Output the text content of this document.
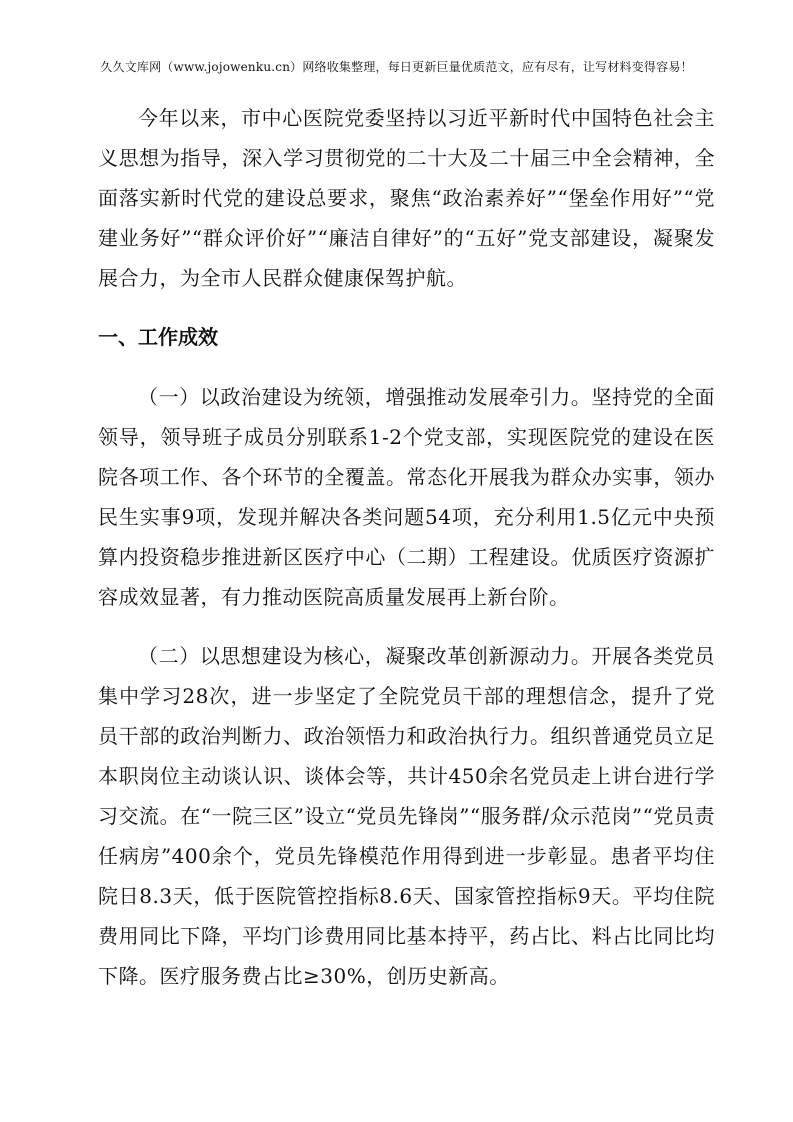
久久文库网（www.jojowenku.cn）网络收集整理，每日更新巨量优质范文，应有尽有，让写材料变得容易！

今年以来，市中心医院党委坚持以习近平新时代中国特色社会主义思想为指导，深入学习贯彻党的二十大及二十届三中全会精神，全面落实新时代党的建设总要求，聚焦“政治素养好”“堡垒作用好”“党建业务好”“群众评价好”“廉洁自律好”的“五好”党支部建设，凝聚发展合力，为全市人民群众健康保驾护航。

一、工作成效

（一）以政治建设为统领，增强推动发展牵引力。坚持党的全面领导，领导班子成员分别联系1-2个党支部，实现医院党的建设在医院各项工作、各个环节的全覆盖。常态化开展我为群众办实事，领办民生实事9项，发现并解决各类问题54项，充分利用1.5亿元中央预算内投资稳步推进新区医疗中心（二期）工程建设。优质医疗资源扩容成效显著，有力推动医院高质量发展再上新台阶。

（二）以思想建设为核心，凝聚改革创新源动力。开展各类党员集中学习28次，进一步坚定了全院党员干部的理想信念，提升了党员干部的政治判断力、政治领悟力和政治执行力。组织普通党员立足本职岗位主动谈认识、谈体会等，共计450余名党员走上讲台进行学习交流。在“一院三区”设立“党员先锋岗”“服务群/众示范岗”“党员责任病房”400余个，党员先锋模范作用得到进一步彰显。患者平均住院日8.3天，低于医院管控指标8.6天、国家管控指标9天。平均住院费用同比下降，平均门诊费用同比基本持平，药占比、料占比同比均下降。医疗服务费占比≥30%，创历史新高。
